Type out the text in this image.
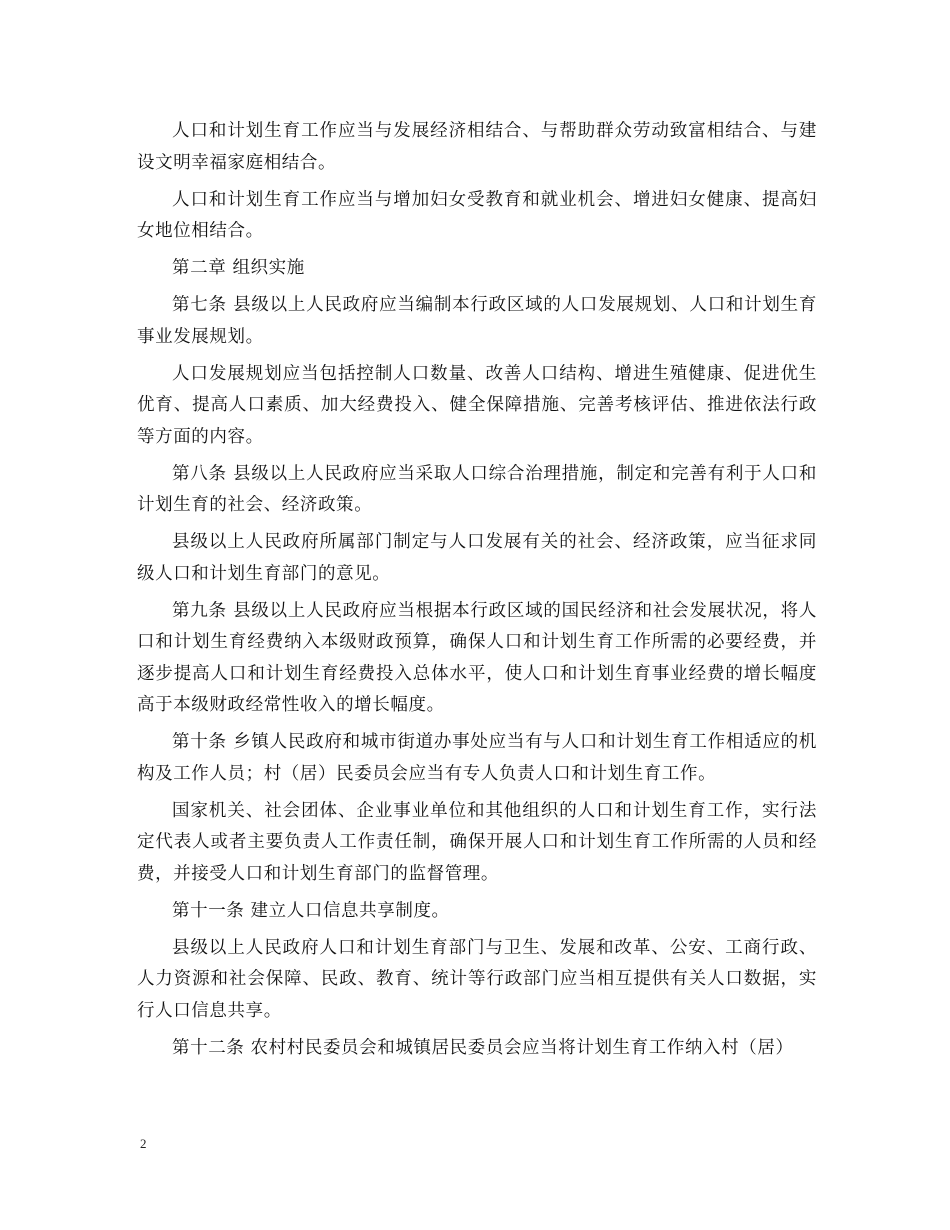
人口和计划生育工作应当与发展经济相结合、与帮助群众劳动致富相结合、与建设文明幸福家庭相结合。

人口和计划生育工作应当与增加妇女受教育和就业机会、增进妇女健康、提高妇女地位相结合。

第二章 组织实施

第七条 县级以上人民政府应当编制本行政区域的人口发展规划、人口和计划生育事业发展规划。

人口发展规划应当包括控制人口数量、改善人口结构、增进生殖健康、促进优生优育、提高人口素质、加大经费投入、健全保障措施、完善考核评估、推进依法行政等方面的内容。

第八条 县级以上人民政府应当采取人口综合治理措施，制定和完善有利于人口和计划生育的社会、经济政策。

县级以上人民政府所属部门制定与人口发展有关的社会、经济政策，应当征求同级人口和计划生育部门的意见。

第九条 县级以上人民政府应当根据本行政区域的国民经济和社会发展状况，将人口和计划生育经费纳入本级财政预算，确保人口和计划生育工作所需的必要经费，并逐步提高人口和计划生育经费投入总体水平，使人口和计划生育事业经费的增长幅度高于本级财政经常性收入的增长幅度。

第十条 乡镇人民政府和城市街道办事处应当有与人口和计划生育工作相适应的机构及工作人员；村（居）民委员会应当有专人负责人口和计划生育工作。

国家机关、社会团体、企业事业单位和其他组织的人口和计划生育工作，实行法定代表人或者主要负责人工作责任制，确保开展人口和计划生育工作所需的人员和经费，并接受人口和计划生育部门的监督管理。

第十一条 建立人口信息共享制度。

县级以上人民政府人口和计划生育部门与卫生、发展和改革、公安、工商行政、人力资源和社会保障、民政、教育、统计等行政部门应当相互提供有关人口数据，实行人口信息共享。

第十二条 农村村民委员会和城镇居民委员会应当将计划生育工作纳入村（居）

2
